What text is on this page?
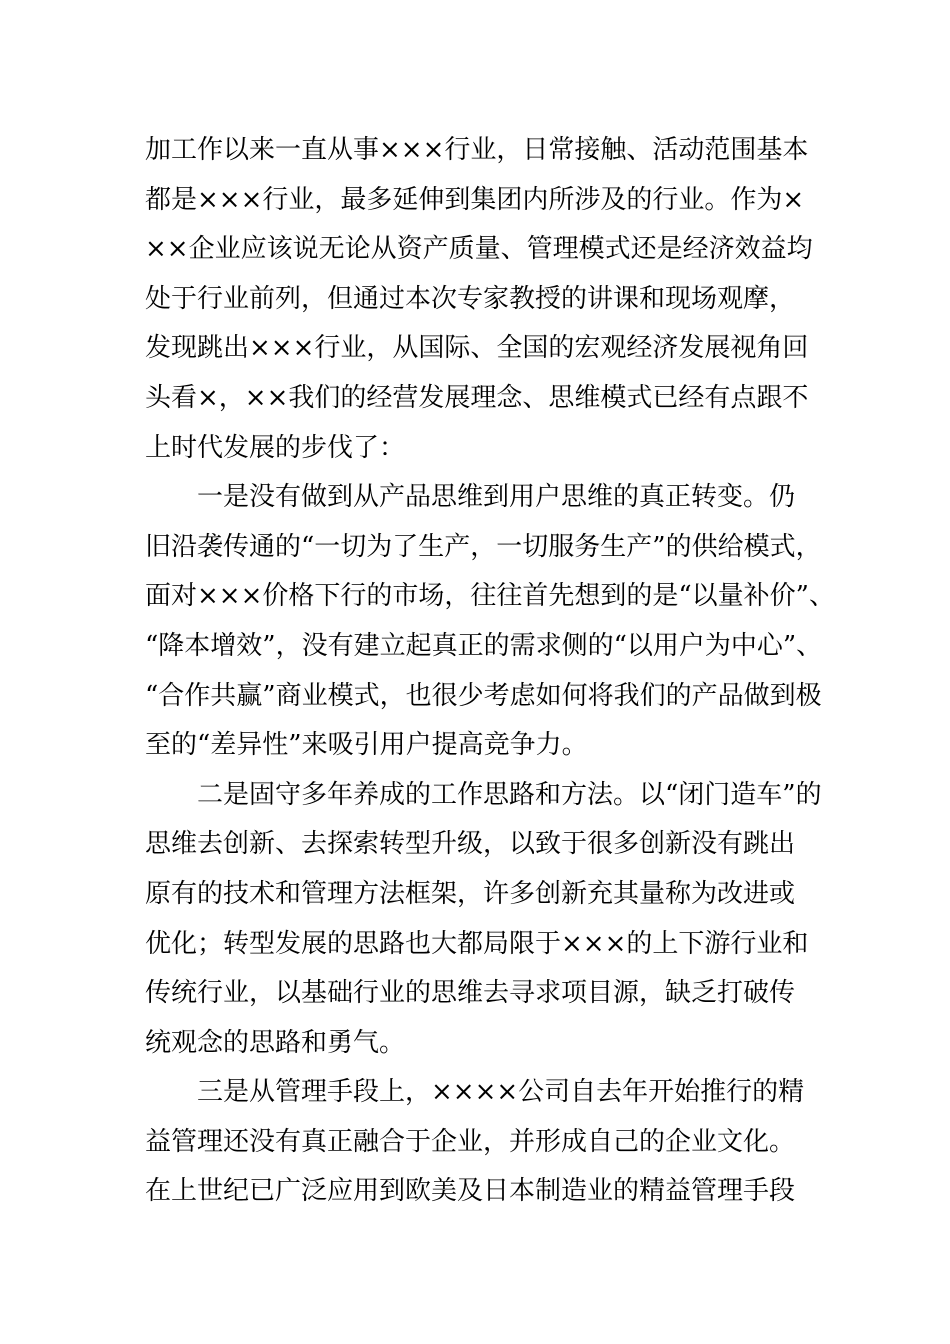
加工作以来一直从事×××行业，日常接触、活动范围基本
都是×××行业，最多延伸到集团内所涉及的行业。作为×
××企业应该说无论从资产质量、管理模式还是经济效益均
处于行业前列，但通过本次专家教授的讲课和现场观摩，
发现跳出×××行业，从国际、全国的宏观经济发展视角回
头看×，××我们的经营发展理念、思维模式已经有点跟不
上时代发展的步伐了：
　　一是没有做到从产品思维到用户思维的真正转变。仍
旧沿袭传通的“一切为了生产，一切服务生产”的供给模式，
面对×××价格下行的市场，往往首先想到的是“以量补价”、
“降本增效”，没有建立起真正的需求侧的“以用户为中心”、
“合作共赢”商业模式，也很少考虑如何将我们的产品做到极
至的“差异性”来吸引用户提高竞争力。
　　二是固守多年养成的工作思路和方法。以“闭门造车”的
思维去创新、去探索转型升级，以致于很多创新没有跳出
原有的技术和管理方法框架，许多创新充其量称为改进或
优化；转型发展的思路也大都局限于×××的上下游行业和
传统行业，以基础行业的思维去寻求项目源，缺乏打破传
统观念的思路和勇气。
　　三是从管理手段上，××××公司自去年开始推行的精
益管理还没有真正融合于企业，并形成自己的企业文化。
在上世纪已广泛应用到欧美及日本制造业的精益管理手段
